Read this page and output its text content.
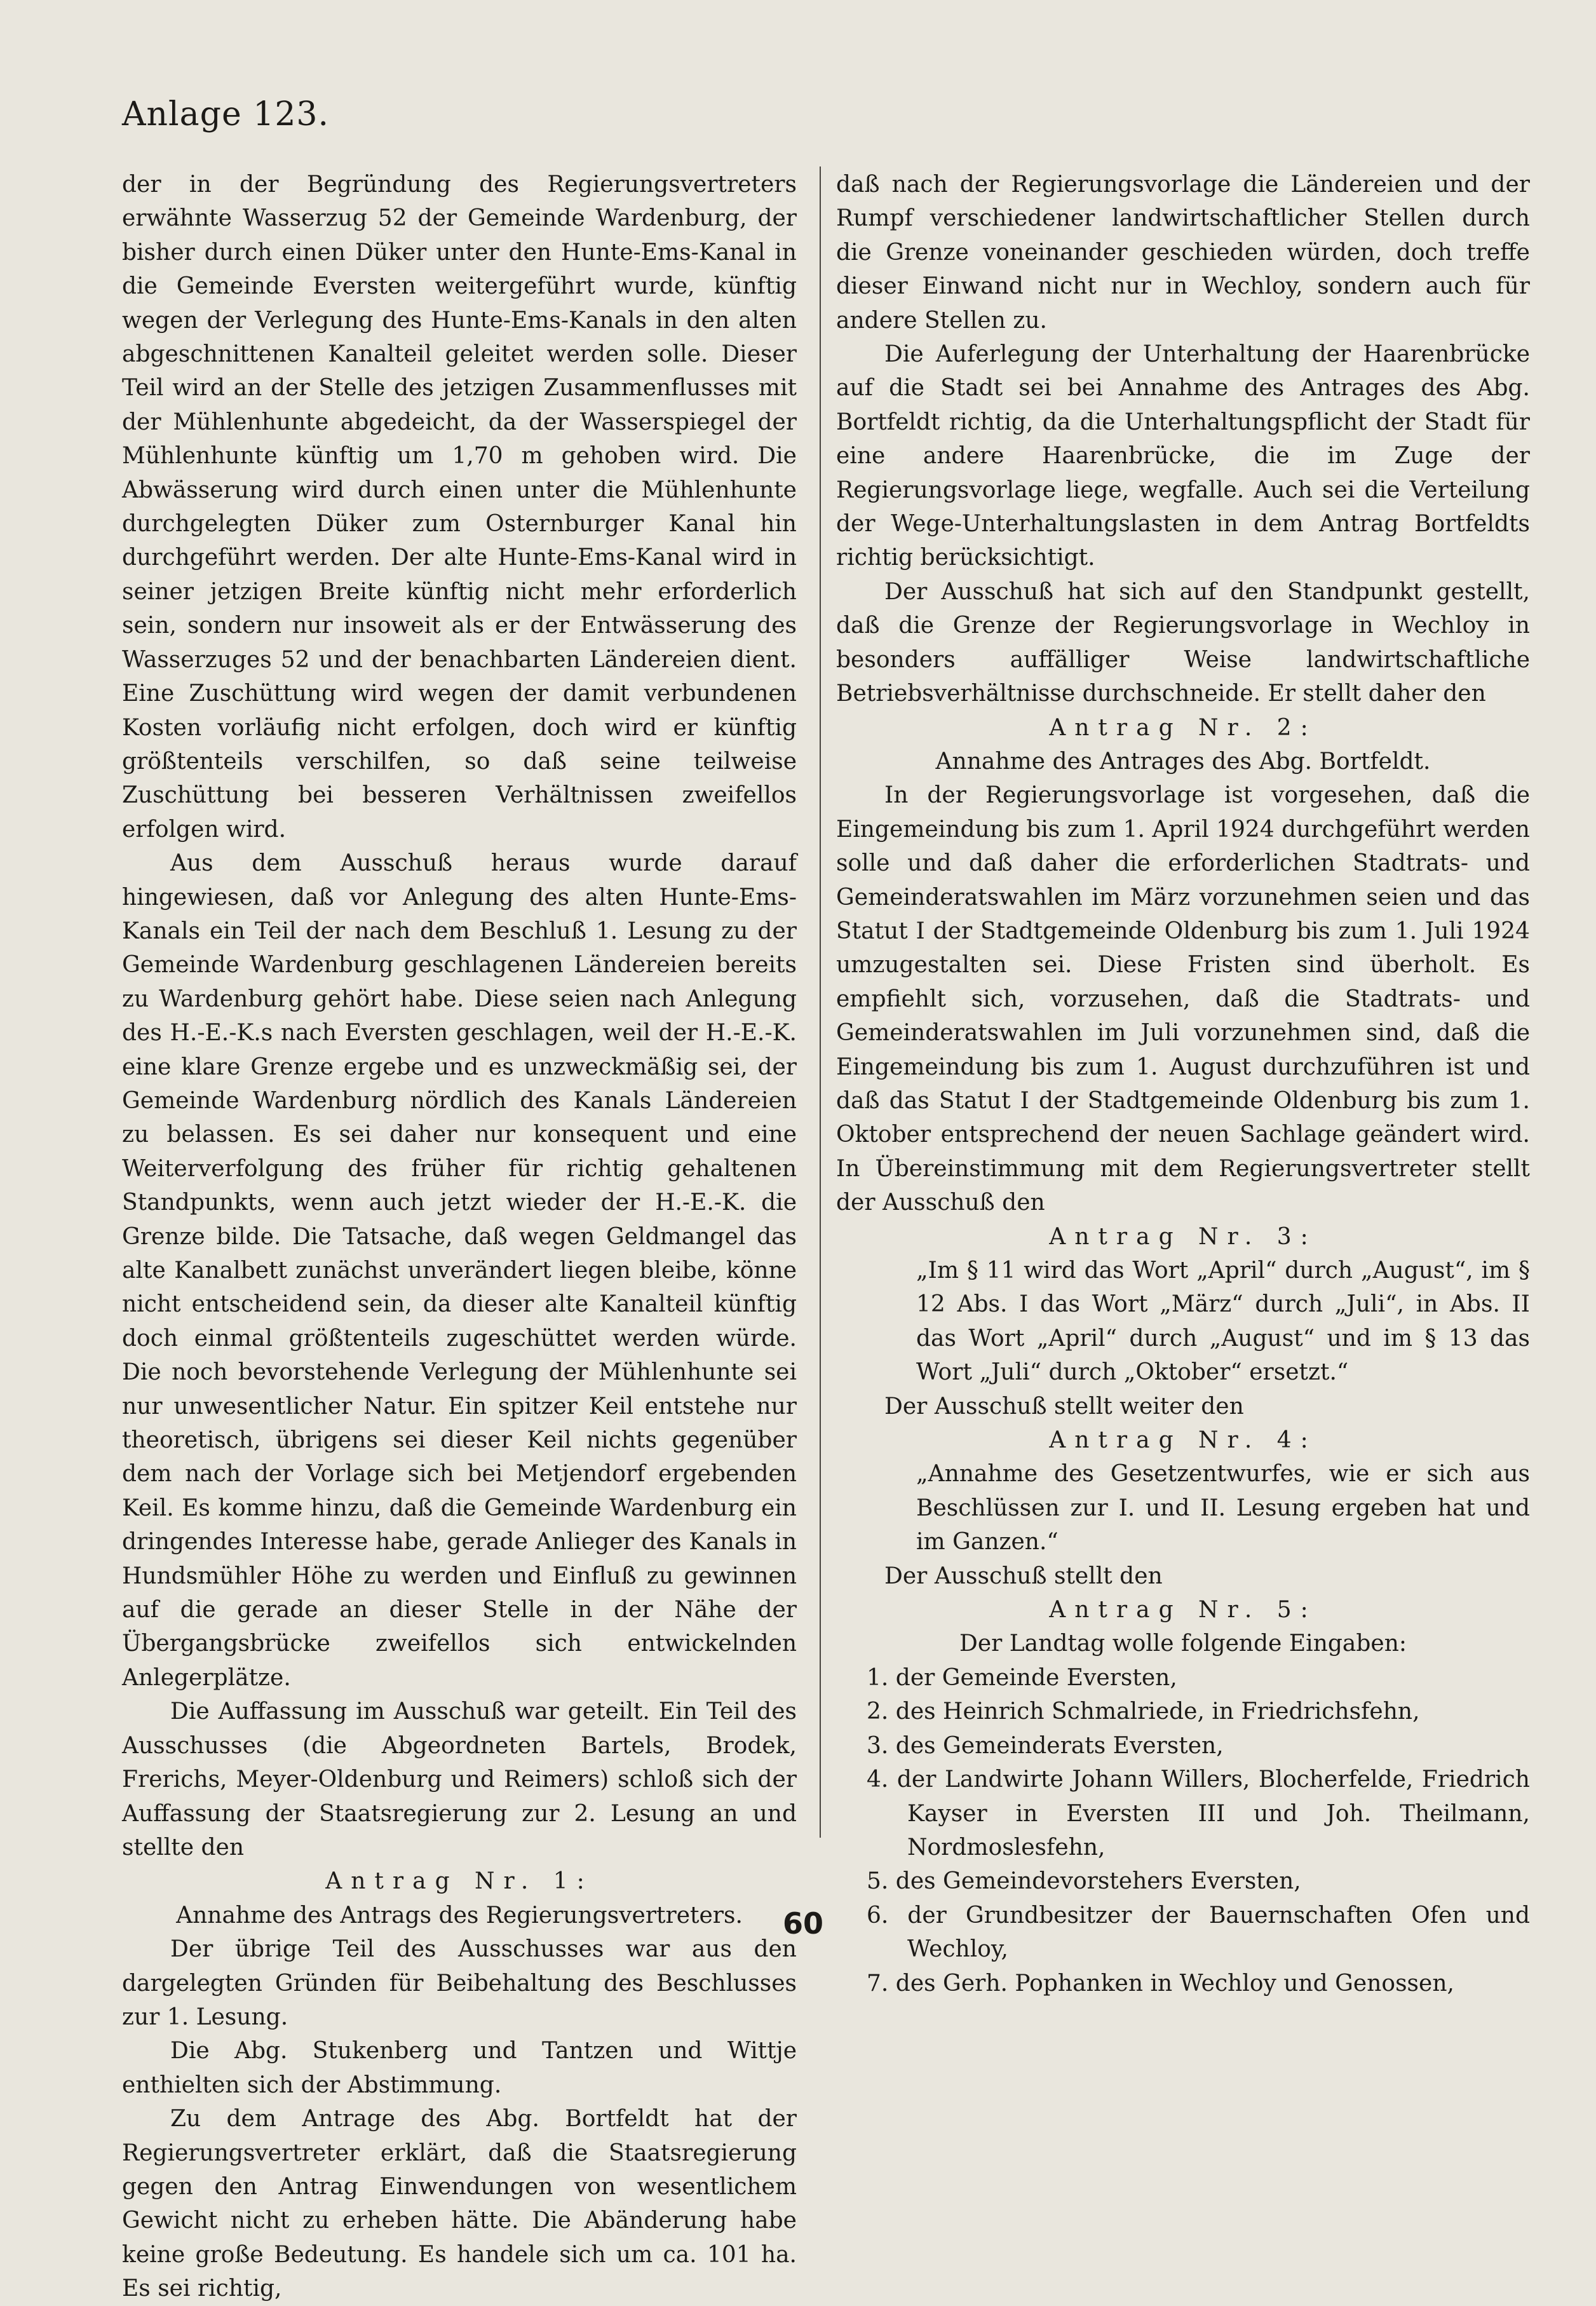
Anlage 123.

der in der Begründung des Regierungsvertreters erwähnte Wasserzug 52 der Gemeinde Wardenburg, der bisher durch einen Düker unter den Hunte-Ems-Kanal in die Gemeinde Eversten weitergeführt wurde, künftig wegen der Verlegung des Hunte-Ems-Kanals in den alten abgeschnittenen Kanalteil geleitet werden solle. Dieser Teil wird an der Stelle des jetzigen Zusammenflusses mit der Mühlenhunte abgedeicht, da der Wasserspiegel der Mühlenhunte künftig um 1,70 m gehoben wird. Die Abwässerung wird durch einen unter die Mühlenhunte durchgelegten Düker zum Osternburger Kanal hin durchgeführt werden. Der alte Hunte-Ems-Kanal wird in seiner jetzigen Breite künftig nicht mehr erforderlich sein, sondern nur insoweit als er der Entwässerung des Wasserzuges 52 und der benachbarten Ländereien dient. Eine Zuschüttung wird wegen der damit verbundenen Kosten vorläufig nicht erfolgen, doch wird er künftig größtenteils verschilfen, so daß seine teilweise Zuschüttung bei besseren Verhältnissen zweifellos erfolgen wird.

Aus dem Ausschuß heraus wurde darauf hingewiesen, daß vor Anlegung des alten Hunte-Ems-Kanals ein Teil der nach dem Beschluß 1. Lesung zu der Gemeinde Wardenburg geschlagenen Ländereien bereits zu Wardenburg gehört habe. Diese seien nach Anlegung des H.-E.-K.s nach Eversten geschlagen, weil der H.-E.-K. eine klare Grenze ergebe und es unzweckmäßig sei, der Gemeinde Wardenburg nördlich des Kanals Ländereien zu belassen. Es sei daher nur konsequent und eine Weiterverfolgung des früher für richtig gehaltenen Standpunkts, wenn auch jetzt wieder der H.-E.-K. die Grenze bilde. Die Tatsache, daß wegen Geldmangel das alte Kanalbett zunächst unverändert liegen bleibe, könne nicht entscheidend sein, da dieser alte Kanalteil künftig doch einmal größtenteils zugeschüttet werden würde. Die noch bevorstehende Verlegung der Mühlenhunte sei nur unwesentlicher Natur. Ein spitzer Keil entstehe nur theoretisch, übrigens sei dieser Keil nichts gegenüber dem nach der Vorlage sich bei Metjendorf ergebenden Keil. Es komme hinzu, daß die Gemeinde Wardenburg ein dringendes Interesse habe, gerade Anlieger des Kanals in Hundsmühler Höhe zu werden und Einfluß zu gewinnen auf die gerade an dieser Stelle in der Nähe der Übergangsbrücke zweifellos sich entwickelnden Anlegerplätze.

Die Auffassung im Ausschuß war geteilt. Ein Teil des Ausschusses (die Abgeordneten Bartels, Brodek, Frerichs, Meyer-Oldenburg und Reimers) schloß sich der Auffassung der Staatsregierung zur 2. Lesung an und stellte den

Antrag Nr. 1:

Annahme des Antrags des Regierungsvertreters.

Der übrige Teil des Ausschusses war aus den dargelegten Gründen für Beibehaltung des Beschlusses zur 1. Lesung.

Die Abg. Stukenberg und Tantzen und Wittje enthielten sich der Abstimmung.

Zu dem Antrage des Abg. Bortfeldt hat der Regierungsvertreter erklärt, daß die Staatsregierung gegen den Antrag Einwendungen von wesentlichem Gewicht nicht zu erheben hätte. Die Abänderung habe keine große Bedeutung. Es handele sich um ca. 101 ha. Es sei richtig,

daß nach der Regierungsvorlage die Ländereien und der Rumpf verschiedener landwirtschaftlicher Stellen durch die Grenze voneinander geschieden würden, doch treffe dieser Einwand nicht nur in Wechloy, sondern auch für andere Stellen zu.

Die Auferlegung der Unterhaltung der Haarenbrücke auf die Stadt sei bei Annahme des Antrages des Abg. Bortfeldt richtig, da die Unterhaltungspflicht der Stadt für eine andere Haarenbrücke, die im Zuge der Regierungsvorlage liege, wegfalle. Auch sei die Verteilung der Wege-Unterhaltungslasten in dem Antrag Bortfeldts richtig berücksichtigt.

Der Ausschuß hat sich auf den Standpunkt gestellt, daß die Grenze der Regierungsvorlage in Wechloy in besonders auffälliger Weise landwirtschaftliche Betriebsverhältnisse durchschneide. Er stellt daher den

Antrag Nr. 2:

Annahme des Antrages des Abg. Bortfeldt.

In der Regierungsvorlage ist vorgesehen, daß die Eingemeindung bis zum 1. April 1924 durchgeführt werden solle und daß daher die erforderlichen Stadtrats- und Gemeinderatswahlen im März vorzunehmen seien und das Statut I der Stadtgemeinde Oldenburg bis zum 1. Juli 1924 umzugestalten sei. Diese Fristen sind überholt. Es empfiehlt sich, vorzusehen, daß die Stadtrats- und Gemeinderatswahlen im Juli vorzunehmen sind, daß die Eingemeindung bis zum 1. August durchzuführen ist und daß das Statut I der Stadtgemeinde Oldenburg bis zum 1. Oktober entsprechend der neuen Sachlage geändert wird. In Übereinstimmung mit dem Regierungsvertreter stellt der Ausschuß den

Antrag Nr. 3:

„Im § 11 wird das Wort „April“ durch „August“, im § 12 Abs. I das Wort „März“ durch „Juli“, in Abs. II das Wort „April“ durch „August“ und im § 13 das Wort „Juli“ durch „Oktober“ ersetzt.“

Der Ausschuß stellt weiter den

Antrag Nr. 4:

„Annahme des Gesetzentwurfes, wie er sich aus Beschlüssen zur I. und II. Lesung ergeben hat und im Ganzen.“

Der Ausschuß stellt den

Antrag Nr. 5:

Der Landtag wolle folgende Eingaben:

1. der Gemeinde Eversten,
2. des Heinrich Schmalriede, in Friedrichsfehn,
3. des Gemeinderats Eversten,
4. der Landwirte Johann Willers, Blocherfelde, Friedrich Kayser in Eversten III und Joh. Theilmann, Nordmoslesfehn,
5. des Gemeindevorstehers Eversten,
6. der Grundbesitzer der Bauernschaften Ofen und Wechloy,
7. des Gerh. Pophanken in Wechloy und Genossen,
60
